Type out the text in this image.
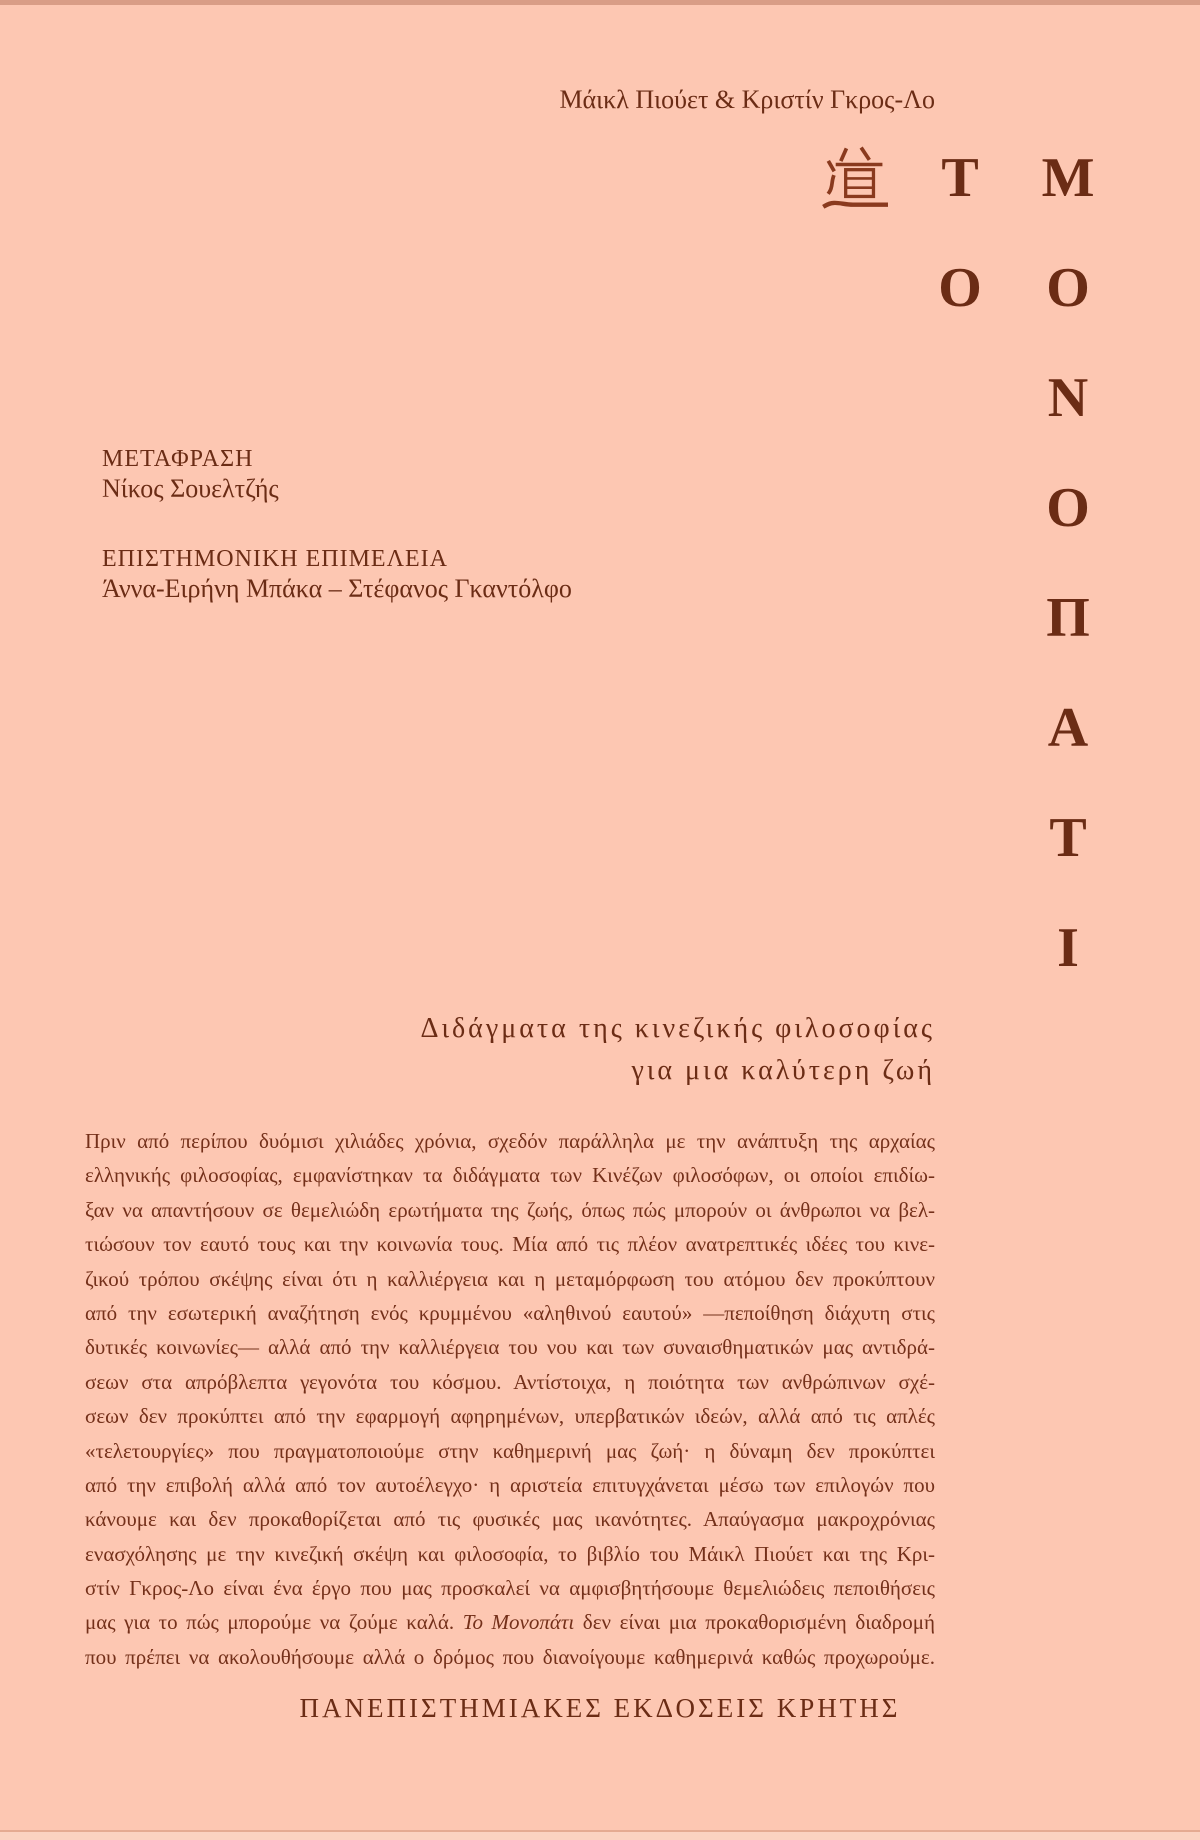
Μάικλ Πιούετ & Κριστίν Γκρος-Λο
Τ
Ο
Μ
Ο
Ν
Ο
Π
Α
Τ
Ι
ΜΕΤΑΦΡΑΣΗ
Νίκος Σουελτζής
ΕΠΙΣΤΗΜΟΝΙΚΗ ΕΠΙΜΕΛΕΙΑ
Άννα-Ειρήνη Μπάκα – Στέφανος Γκαντόλφο
Διδάγματα της κινεζικής φιλοσοφίας
για μια καλύτερη ζωή
Πριν από περίπου δυόμισι χιλιάδες χρόνια, σχεδόν παράλληλα με την ανάπτυξη της αρχαίας
ελληνικής φιλοσοφίας, εμφανίστηκαν τα διδάγματα των Κινέζων φιλοσόφων, οι οποίοι επιδίω-
ξαν να απαντήσουν σε θεμελιώδη ερωτήματα της ζωής, όπως πώς μπορούν οι άνθρωποι να βελ-
τιώσουν τον εαυτό τους και την κοινωνία τους. Μία από τις πλέον ανατρεπτικές ιδέες του κινε-
ζικού τρόπου σκέψης είναι ότι η καλλιέργεια και η μεταμόρφωση του ατόμου δεν προκύπτουν
από την εσωτερική αναζήτηση ενός κρυμμένου «αληθινού εαυτού» —πεποίθηση διάχυτη στις
δυτικές κοινωνίες— αλλά από την καλλιέργεια του νου και των συναισθηματικών μας αντιδρά-
σεων στα απρόβλεπτα γεγονότα του κόσμου. Αντίστοιχα, η ποιότητα των ανθρώπινων σχέ-
σεων δεν προκύπτει από την εφαρμογή αφηρημένων, υπερβατικών ιδεών, αλλά από τις απλές
«τελετουργίες» που πραγματοποιούμε στην καθημερινή μας ζωή· η δύναμη δεν προκύπτει
από την επιβολή αλλά από τον αυτοέλεγχο· η αριστεία επιτυγχάνεται μέσω των επιλογών που
κάνουμε και δεν προκαθορίζεται από τις φυσικές μας ικανότητες. Απαύγασμα μακροχρόνιας
ενασχόλησης με την κινεζική σκέψη και φιλοσοφία, το βιβλίο του Μάικλ Πιούετ και της Κρι-
στίν Γκρος-Λο είναι ένα έργο που μας προσκαλεί να αμφισβητήσουμε θεμελιώδεις πεποιθήσεις
μας για το πώς μπορούμε να ζούμε καλά. Το Μονοπάτι δεν είναι μια προκαθορισμένη διαδρομή
που πρέπει να ακολουθήσουμε αλλά ο δρόμος που διανοίγουμε καθημερινά καθώς προχωρούμε.
ΠΑΝΕΠΙΣΤΗΜΙΑΚΕΣ ΕΚΔΟΣΕΙΣ ΚΡΗΤΗΣ
